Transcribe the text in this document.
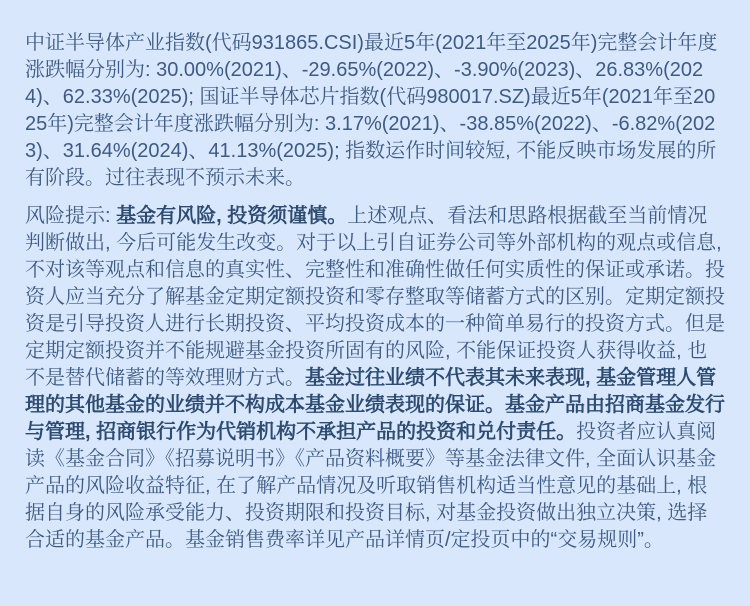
中证半导体产业指数(代码931865.CSI)最近5年(2021年至2025年)完整会计年度涨跌幅分别为: 30.00%(2021)、-29.65%(2022)、-3.90%(2023)、26.83%(2024)、62.33%(2025); 国证半导体芯片指数(代码980017.SZ)最近5年(2021年至2025年)完整会计年度涨跌幅分别为: 3.17%(2021)、-38.85%(2022)、-6.82%(2023)、31.64%(2024)、41.13%(2025); 指数运作时间较短, 不能反映市场发展的所有阶段。过往表现不预示未来。

风险提示: 基金有风险, 投资须谨慎。上述观点、看法和思路根据截至当前情况判断做出, 今后可能发生改变。对于以上引自证券公司等外部机构的观点或信息, 不对该等观点和信息的真实性、完整性和准确性做任何实质性的保证或承诺。投资人应当充分了解基金定期定额投资和零存整取等储蓄方式的区别。定期定额投资是引导投资人进行长期投资、平均投资成本的一种简单易行的投资方式。但是定期定额投资并不能规避基金投资所固有的风险, 不能保证投资人获得收益, 也不是替代储蓄的等效理财方式。基金过往业绩不代表其未来表现, 基金管理人管理的其他基金的业绩并不构成本基金业绩表现的保证。基金产品由招商基金发行与管理, 招商银行作为代销机构不承担产品的投资和兑付责任。投资者应认真阅读《基金合同》《招募说明书》《产品资料概要》等基金法律文件, 全面认识基金产品的风险收益特征, 在了解产品情况及听取销售机构适当性意见的基础上, 根据自身的风险承受能力、投资期限和投资目标, 对基金投资做出独立决策, 选择合适的基金产品。基金销售费率详见产品详情页/定投页中的“交易规则”。
